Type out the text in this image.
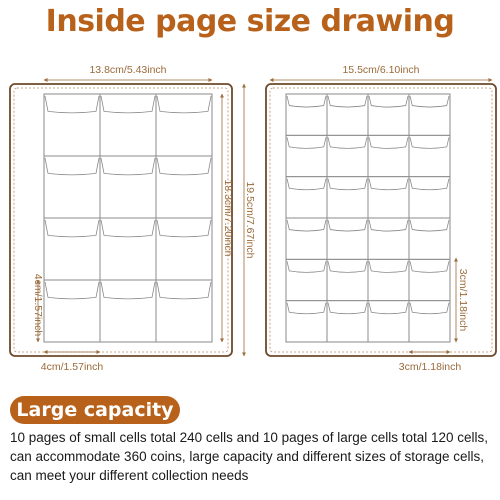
Inside page size drawing
13.8cm/5.43inch
18.3cm/7.20inch 19.5cm/7.67inch
4cm/1.57inch
4cm/1.57inch
15.5cm/6.10inch
3cm/1.18inch
3cm/1.18inch
Large capacity
10 pages of small cells total 240 cells and 10 pages of large cells total 120 cells, can accommodate 360 coins, large capacity and different sizes of storage cells, can meet your different collection needs
